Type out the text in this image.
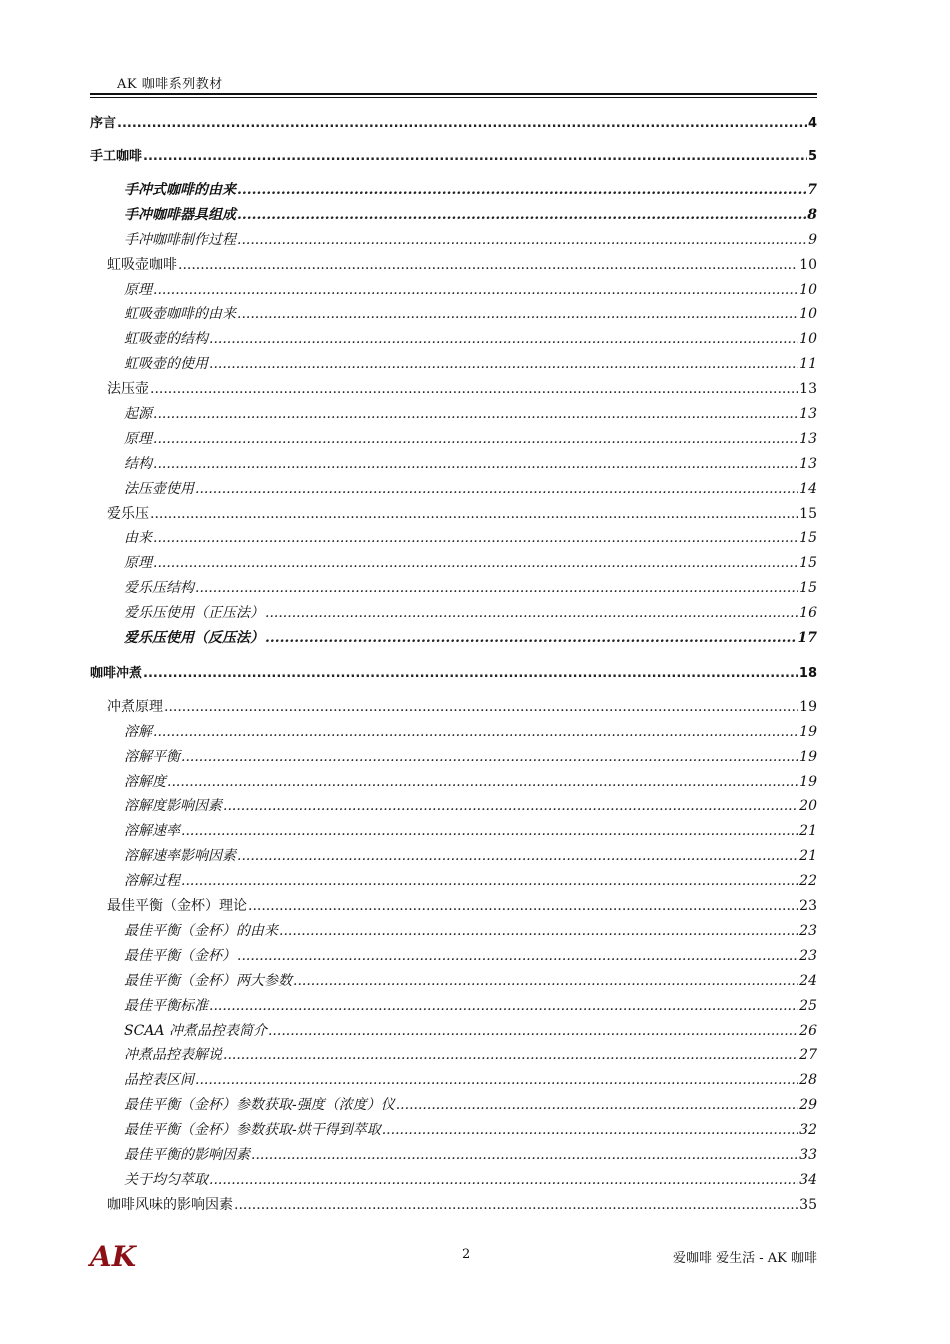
AK 咖啡系列教材
序言 .....	4
手工咖啡 .....	5
手冲式咖啡的由来 .....	7
手冲咖啡器具组成 .....	8
手冲咖啡制作过程 .....	9
虹吸壶咖啡 .....	10
原理 .....	10
虹吸壶咖啡的由来 .....	10
虹吸壶的结构 .....	10
虹吸壶的使用 .....	11
法压壶 .....	13
起源 .....	13
原理 .....	13
结构 .....	13
法压壶使用 .....	14
爱乐压 .....	15
由来 .....	15
原理 .....	15
爱乐压结构 .....	15
爱乐压使用（正压法） .....	16
爱乐压使用（反压法） .....	17
咖啡冲煮 .....	18
冲煮原理 .....	19
溶解 .....	19
溶解平衡 .....	19
溶解度 .....	19
溶解度影响因素 .....	20
溶解速率 .....	21
溶解速率影响因素 .....	21
溶解过程 .....	22
最佳平衡（金杯）理论 .....	23
最佳平衡（金杯）的由来 .....	23
最佳平衡（金杯） .....	23
最佳平衡（金杯）两大参数 .....	24
最佳平衡标准 .....	25
SCAA 冲煮品控表简介 .....	26
冲煮品控表解说 .....	27
品控表区间 .....	28
最佳平衡（金杯）参数获取-强度（浓度）仪 .....	29
最佳平衡（金杯）参数获取-烘干得到萃取 .....	32
最佳平衡的影响因素 .....	33
关于均匀萃取 .....	34
咖啡风味的影响因素 .....	35
AK	2	爱咖啡 爱生活 - AK 咖啡
